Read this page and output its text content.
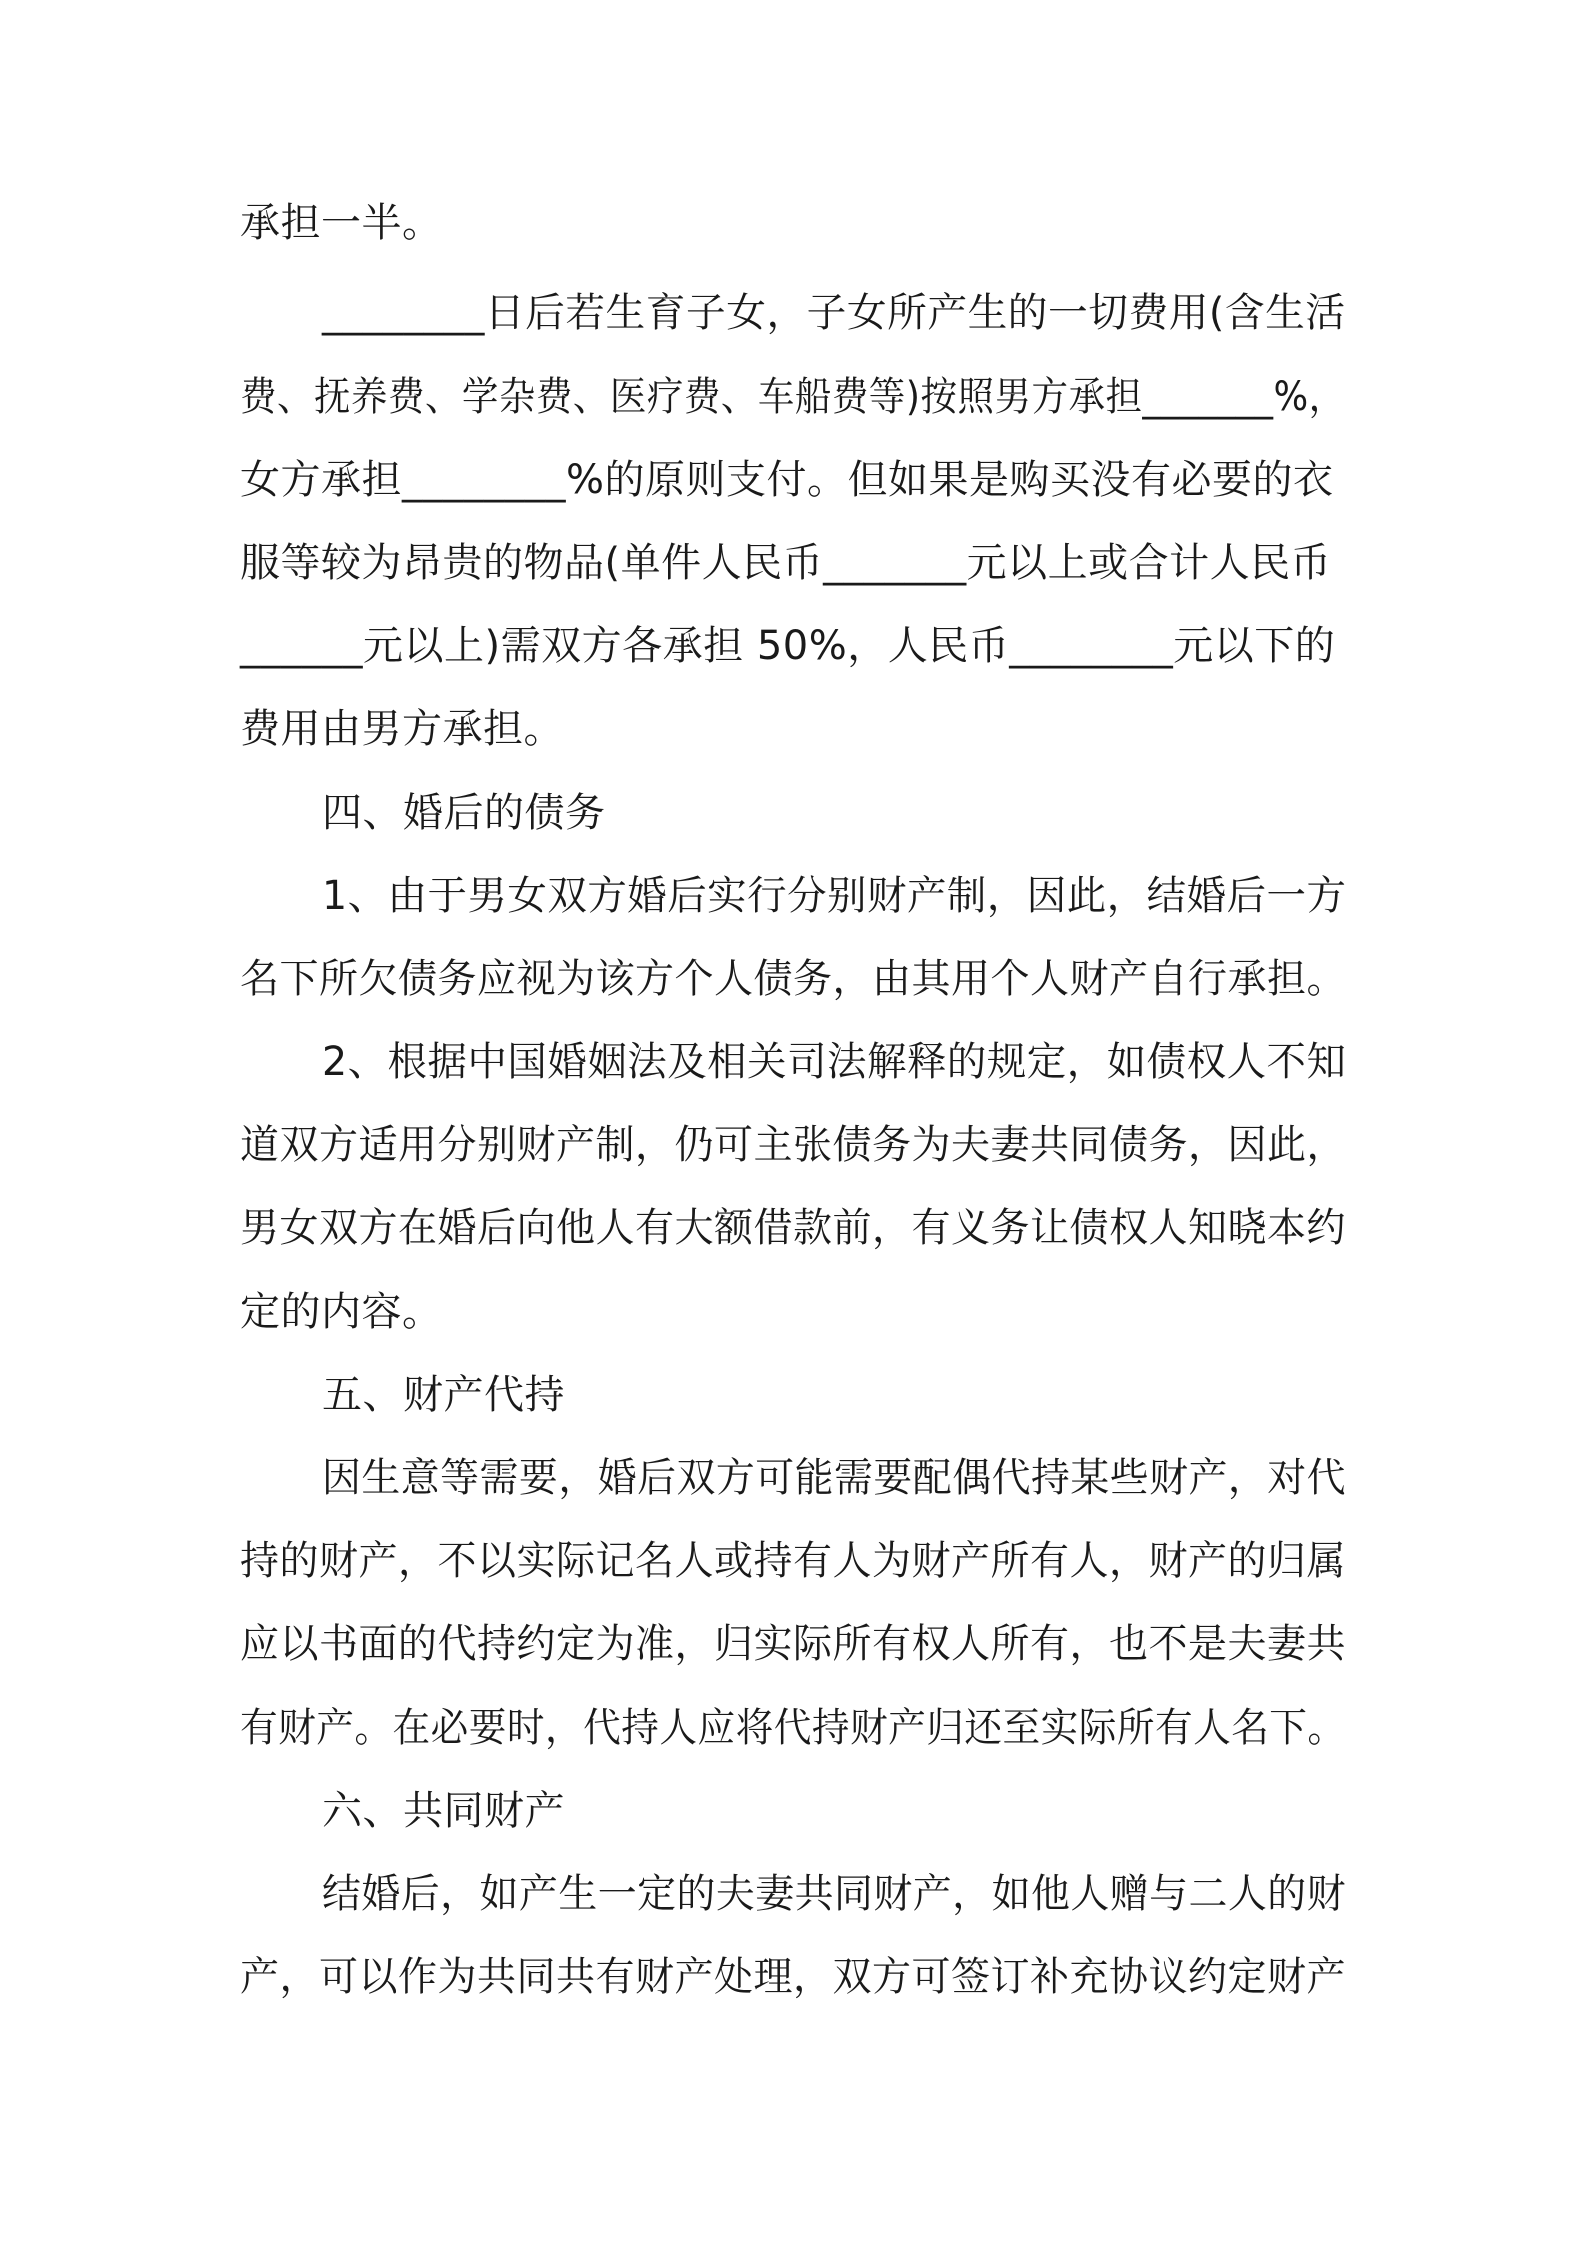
承担一半。
________日后若生育子女，子女所产生的一切费用(含生活
费、抚养费、学杂费、医疗费、车船费等)按照男方承担_______%，
女方承担________%的原则支付。但如果是购买没有必要的衣
服等较为昂贵的物品(单件人民币_______元以上或合计人民币
______元以上)需双方各承担 50%，人民币________元以下的
费用由男方承担。
四、婚后的债务
1、由于男女双方婚后实行分别财产制，因此，结婚后一方
名下所欠债务应视为该方个人债务，由其用个人财产自行承担。
2、根据中国婚姻法及相关司法解释的规定，如债权人不知
道双方适用分别财产制，仍可主张债务为夫妻共同债务，因此，
男女双方在婚后向他人有大额借款前，有义务让债权人知晓本约
定的内容。
五、财产代持
因生意等需要，婚后双方可能需要配偶代持某些财产，对代
持的财产，不以实际记名人或持有人为财产所有人，财产的归属
应以书面的代持约定为准，归实际所有权人所有，也不是夫妻共
有财产。在必要时，代持人应将代持财产归还至实际所有人名下。
六、共同财产
结婚后，如产生一定的夫妻共同财产，如他人赠与二人的财
产，可以作为共同共有财产处理，双方可签订补充协议约定财产
